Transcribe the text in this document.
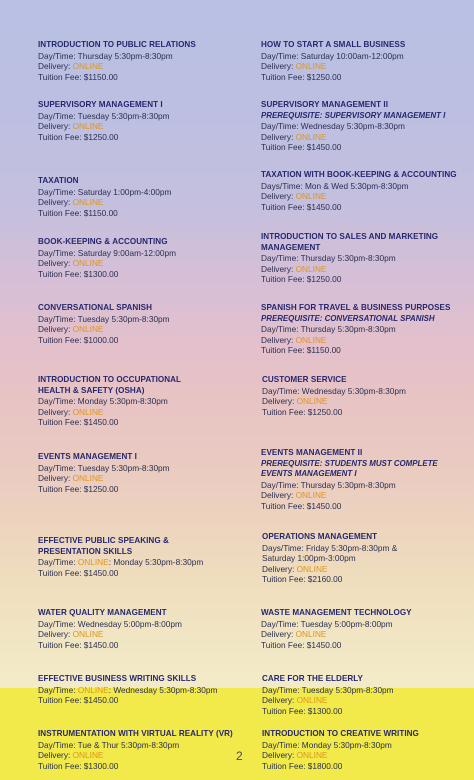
INTRODUCTION TO PUBLIC RELATIONS
Day/Time: Thursday 5:30pm-8:30pm
Delivery: ONLINE
Tuition Fee: $1150.00
HOW TO START A SMALL BUSINESS
Day/Time: Saturday 10:00am-12:00pm
Delivery: ONLINE
Tuition Fee: $1250.00
SUPERVISORY MANAGEMENT I
Day/Time: Tuesday 5:30pm-8:30pm
Delivery: ONLINE
Tuition Fee: $1250.00
SUPERVISORY MANAGEMENT II
PREREQUISITE: SUPERVISORY MANAGEMENT I
Day/Time: Wednesday 5:30pm-8:30pm
Delivery: ONLINE
Tuition Fee: $1450.00
TAXATION
Day/Time: Saturday 1:00pm-4:00pm
Delivery: ONLINE
Tuition Fee: $1150.00
TAXATION WITH BOOK-KEEPING & ACCOUNTING
Days/Time: Mon & Wed 5:30pm-8:30pm
Delivery: ONLINE
Tuition Fee: $1450.00
BOOK-KEEPING & ACCOUNTING
Day/Time: Saturday 9:00am-12:00pm
Delivery: ONLINE
Tuition Fee: $1300.00
INTRODUCTION TO SALES AND MARKETING
MANAGEMENT
Day/Time: Thursday 5:30pm-8:30pm
Delivery: ONLINE
Tuition Fee: $1250.00
CONVERSATIONAL SPANISH
Day/Time: Tuesday 5:30pm-8:30pm
Delivery: ONLINE
Tuition Fee: $1000.00
SPANISH FOR TRAVEL & BUSINESS PURPOSES
PREREQUISITE: CONVERSATIONAL SPANISH
Day/Time: Thursday 5:30pm-8:30pm
Delivery: ONLINE
Tuition Fee: $1150.00
INTRODUCTION TO OCCUPATIONAL
HEALTH & SAFETY (OSHA)
Day/Time: Monday 5:30pm-8:30pm
Delivery: ONLINE
Tuition Fee: $1450.00
CUSTOMER SERVICE
Day/Time: Wednesday 5:30pm-8:30pm
Delivery: ONLINE
Tuition Fee: $1250.00
EVENTS MANAGEMENT I
Day/Time: Tuesday 5:30pm-8:30pm
Delivery: ONLINE
Tuition Fee: $1250.00
EVENTS MANAGEMENT II
PREREQUISITE: STUDENTS MUST COMPLETE
EVENTS MANAGEMENT I
Day/Time: Thursday 5:30pm-8:30pm
Delivery: ONLINE
Tuition Fee: $1450.00
EFFECTIVE PUBLIC SPEAKING &
PRESENTATION SKILLS
Day/Time: ONLINE: Monday 5:30pm-8:30pm
Tuition Fee: $1450.00
OPERATIONS MANAGEMENT
Days/Time: Friday 5:30pm-8:30pm &
Saturday 1:00pm-3:00pm
Delivery: ONLINE
Tuition Fee: $2160.00
WATER QUALITY MANAGEMENT
Day/Time: Wednesday 5:00pm-8:00pm
Delivery: ONLINE
Tuition Fee: $1450.00
WASTE MANAGEMENT TECHNOLOGY
Day/Time: Tuesday 5:00pm-8:00pm
Delivery: ONLINE
Tuition Fee: $1450.00
EFFECTIVE BUSINESS WRITING SKILLS
Day/Time: ONLINE: Wednesday 5:30pm-8:30pm
Tuition Fee: $1450.00
CARE FOR THE ELDERLY
Day/Time: Tuesday 5:30pm-8:30pm
Delivery: ONLINE
Tuition Fee: $1300.00
INSTRUMENTATION WITH VIRTUAL REALITY (VR)
Day/Time: Tue & Thur 5:30pm-8:30pm
Delivery: ONLINE
Tuition Fee: $1300.00
INTRODUCTION TO CREATIVE WRITING
Day/Time: Monday 5:30pm-8:30pm
Delivery: ONLINE
Tuition Fee: $1800.00
2
